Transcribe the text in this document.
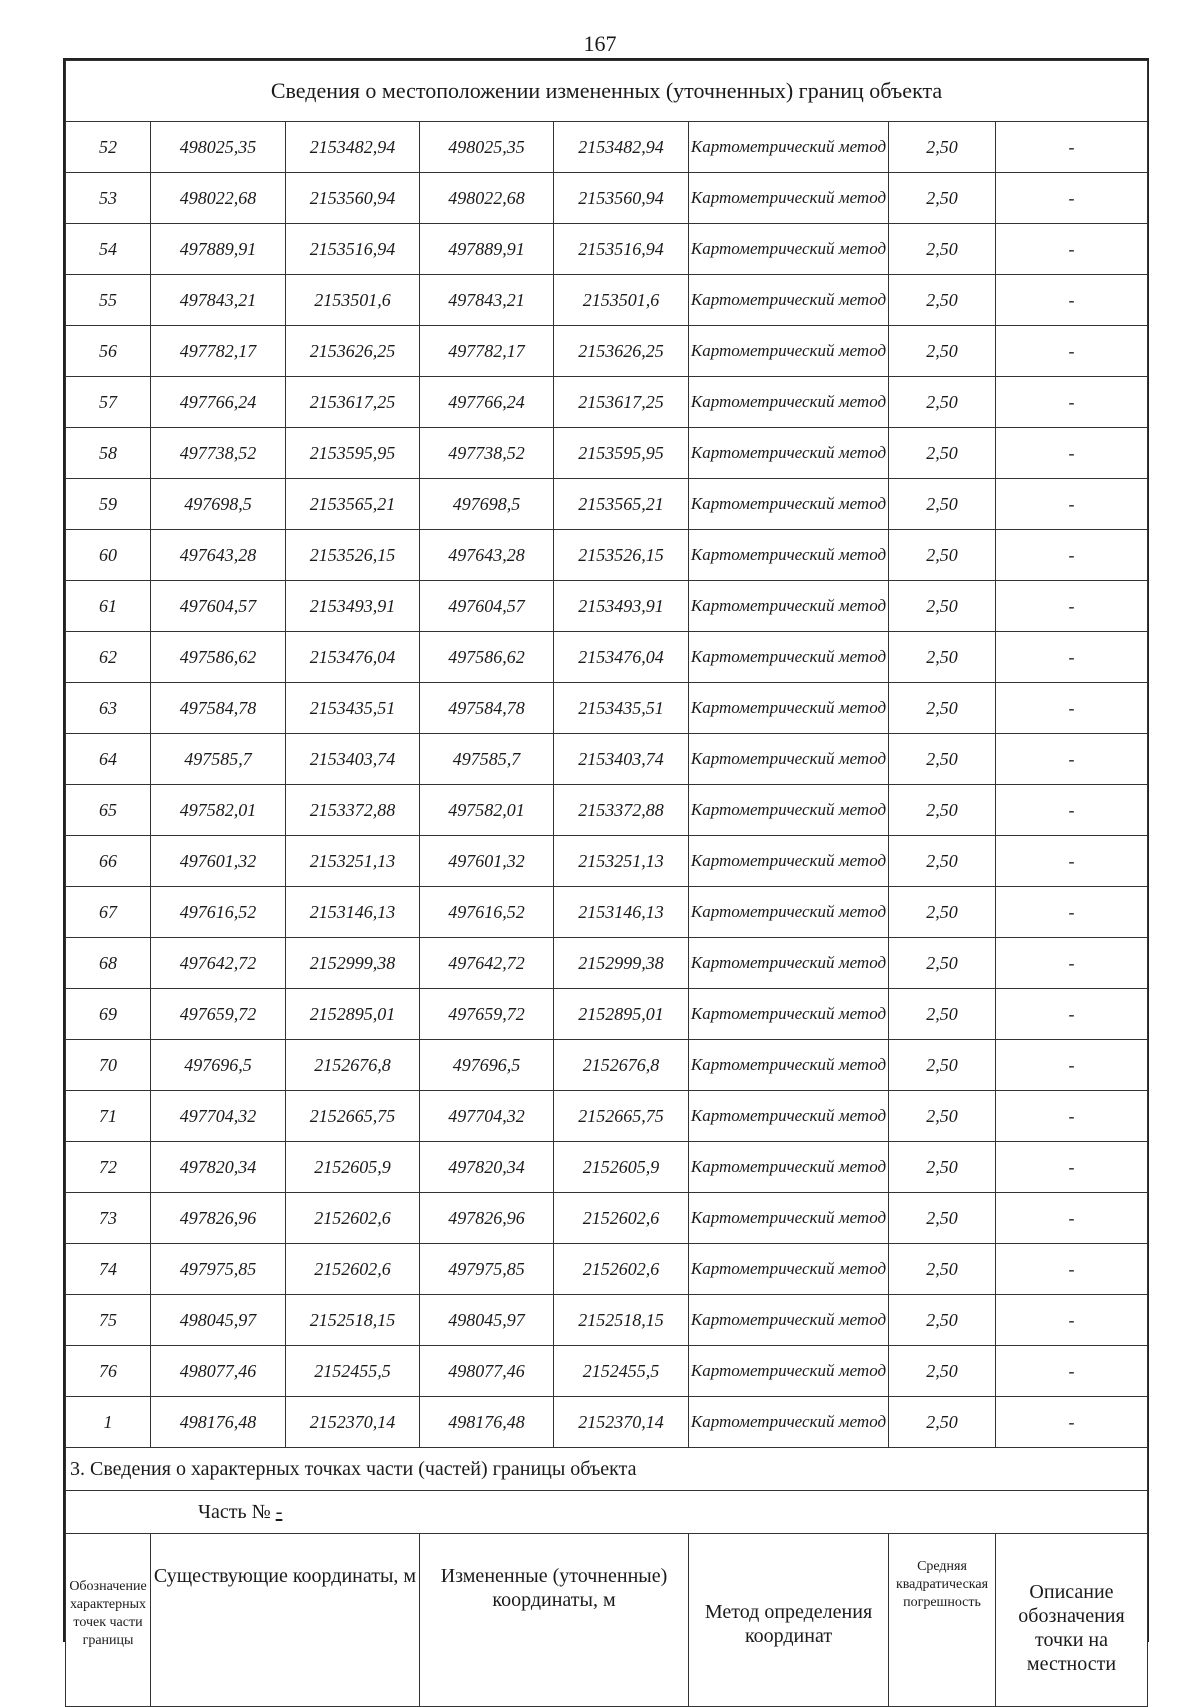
167
Сведения о местоположении измененных (уточненных) границ объекта							
52	498025,35	2153482,94	498025,35	2153482,94	Картометрический метод	2,50	-
53	498022,68	2153560,94	498022,68	2153560,94	Картометрический метод	2,50	-
54	497889,91	2153516,94	497889,91	2153516,94	Картометрический метод	2,50	-
55	497843,21	2153501,6	497843,21	2153501,6	Картометрический метод	2,50	-
56	497782,17	2153626,25	497782,17	2153626,25	Картометрический метод	2,50	-
57	497766,24	2153617,25	497766,24	2153617,25	Картометрический метод	2,50	-
58	497738,52	2153595,95	497738,52	2153595,95	Картометрический метод	2,50	-
59	497698,5	2153565,21	497698,5	2153565,21	Картометрический метод	2,50	-
60	497643,28	2153526,15	497643,28	2153526,15	Картометрический метод	2,50	-
61	497604,57	2153493,91	497604,57	2153493,91	Картометрический метод	2,50	-
62	497586,62	2153476,04	497586,62	2153476,04	Картометрический метод	2,50	-
63	497584,78	2153435,51	497584,78	2153435,51	Картометрический метод	2,50	-
64	497585,7	2153403,74	497585,7	2153403,74	Картометрический метод	2,50	-
65	497582,01	2153372,88	497582,01	2153372,88	Картометрический метод	2,50	-
66	497601,32	2153251,13	497601,32	2153251,13	Картометрический метод	2,50	-
67	497616,52	2153146,13	497616,52	2153146,13	Картометрический метод	2,50	-
68	497642,72	2152999,38	497642,72	2152999,38	Картометрический метод	2,50	-
69	497659,72	2152895,01	497659,72	2152895,01	Картометрический метод	2,50	-
70	497696,5	2152676,8	497696,5	2152676,8	Картометрический метод	2,50	-
71	497704,32	2152665,75	497704,32	2152665,75	Картометрический метод	2,50	-
72	497820,34	2152605,9	497820,34	2152605,9	Картометрический метод	2,50	-
73	497826,96	2152602,6	497826,96	2152602,6	Картометрический метод	2,50	-
74	497975,85	2152602,6	497975,85	2152602,6	Картометрический метод	2,50	-
75	498045,97	2152518,15	498045,97	2152518,15	Картометрический метод	2,50	-
76	498077,46	2152455,5	498077,46	2152455,5	Картометрический метод	2,50	-
1	498176,48	2152370,14	498176,48	2152370,14	Картометрический метод	2,50	-
3. Сведения о характерных точках части (частей) границы объекта							
Часть № -							
Обозначение характерных точек части границы	Существующие координаты, м		Измененные (уточненные) координаты, м		Метод определения координат	Средняя квадратическая погрешность	Описание обозначения точки на местности
